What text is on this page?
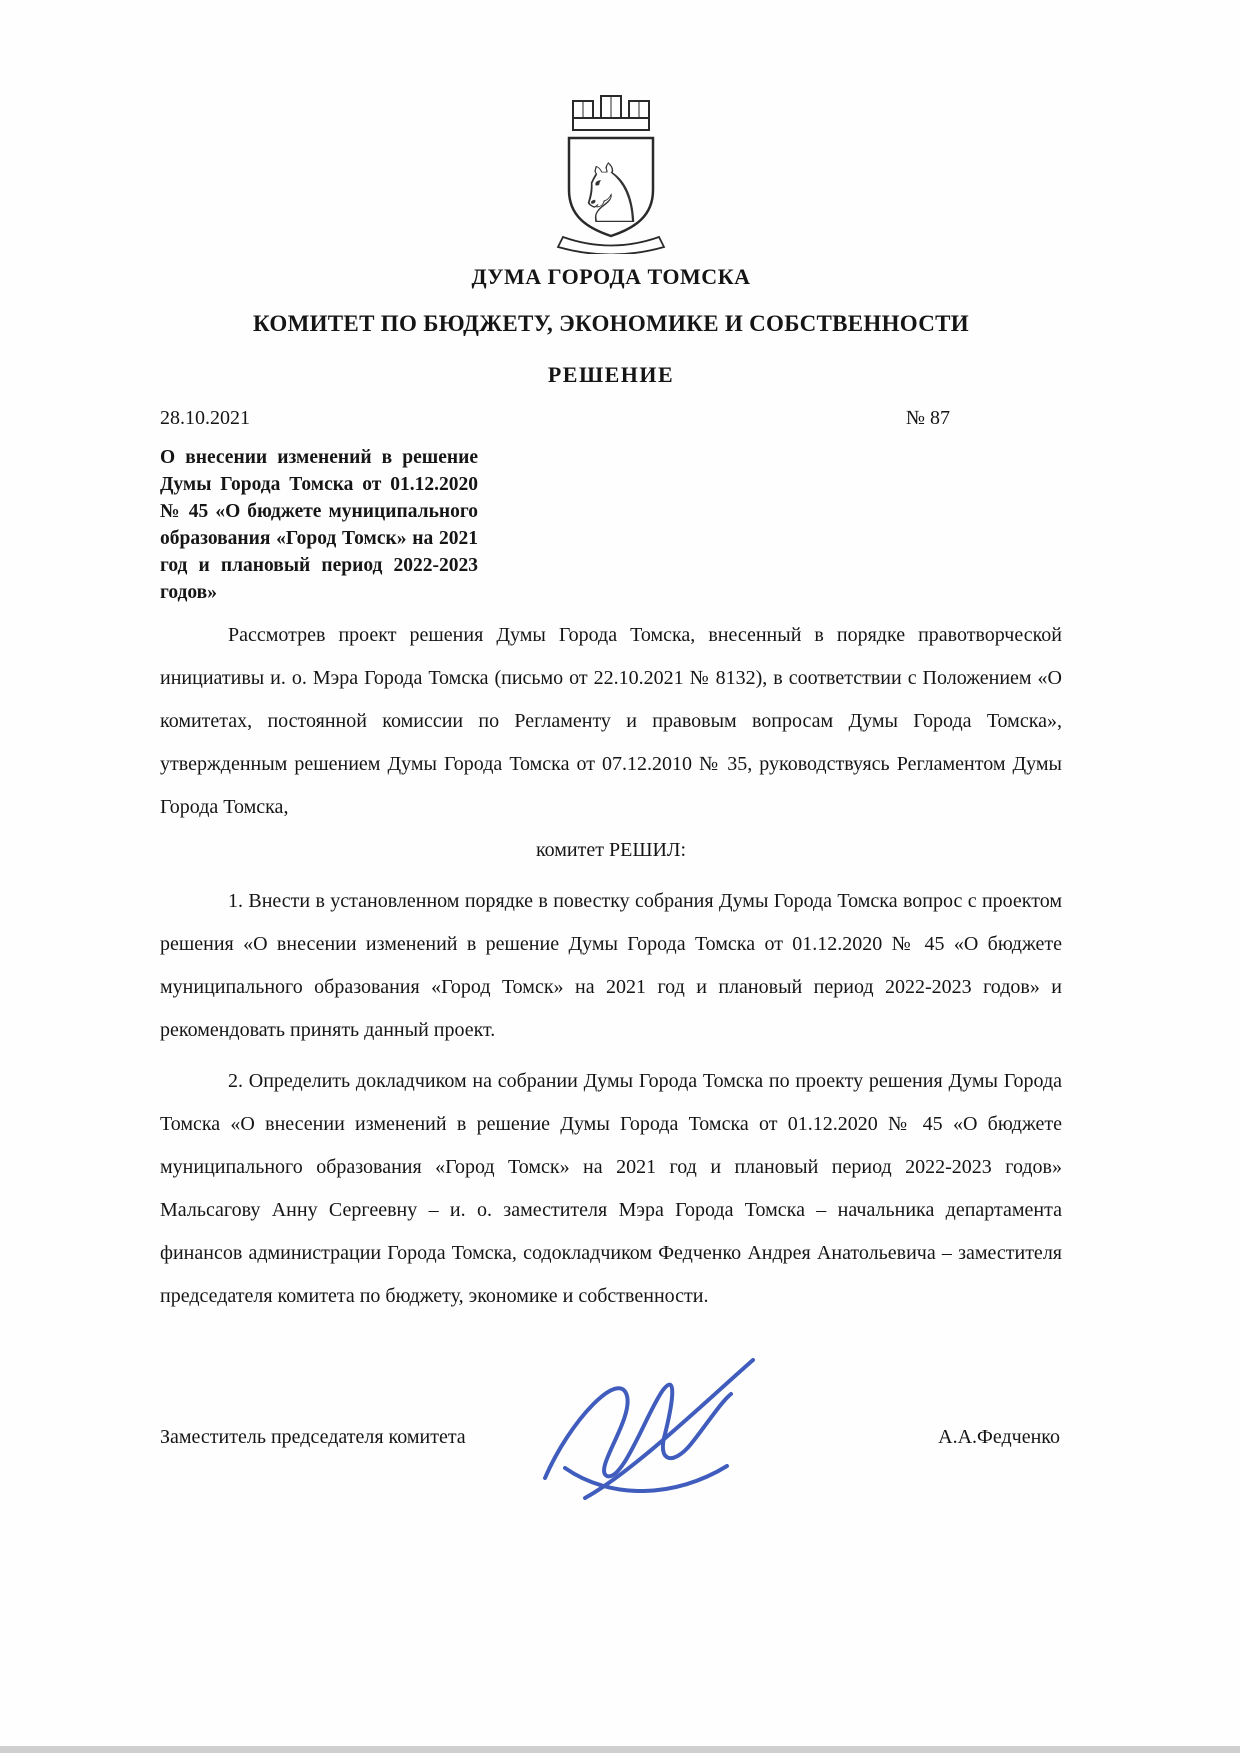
♘
ДУМА ГОРОДА ТОМСКА
КОМИТЕТ ПО БЮДЖЕТУ, ЭКОНОМИКЕ И СОБСТВЕННОСТИ
РЕШЕНИЕ
28.10.2021	№ 87
О внесении изменений в решение Думы Города Томска от 01.12.2020 № 45 «О бюджете муниципального образования «Город Томск» на 2021 год и плановый период 2022-2023 годов»

Рассмотрев проект решения Думы Города Томска, внесенный в порядке правотворческой инициативы и. о. Мэра Города Томска (письмо от 22.10.2021 № 8132), в соответствии с Положением «О комитетах, постоянной комиссии по Регламенту и правовым вопросам Думы Города Томска», утвержденным решением Думы Города Томска от 07.12.2010 № 35, руководствуясь Регламентом Думы Города Томска,

комитет РЕШИЛ:

1. Внести в установленном порядке в повестку собрания Думы Города Томска вопрос с проектом решения «О внесении изменений в решение Думы Города Томска от 01.12.2020 № 45 «О бюджете муниципального образования «Город Томск» на 2021 год и плановый период 2022-2023 годов» и рекомендовать принять данный проект.

2. Определить докладчиком на собрании Думы Города Томска по проекту решения Думы Города Томска «О внесении изменений в решение Думы Города Томска от 01.12.2020 № 45 «О бюджете муниципального образования «Город Томск» на 2021 год и плановый период 2022-2023 годов» Мальсагову Анну Сергеевну – и. о. заместителя Мэра Города Томска – начальника департамента финансов администрации Города Томска, содокладчиком Федченко Андрея Анатольевича – заместителя председателя комитета по бюджету, экономике и собственности.

Заместитель председателя комитета	А.А.Федченко
